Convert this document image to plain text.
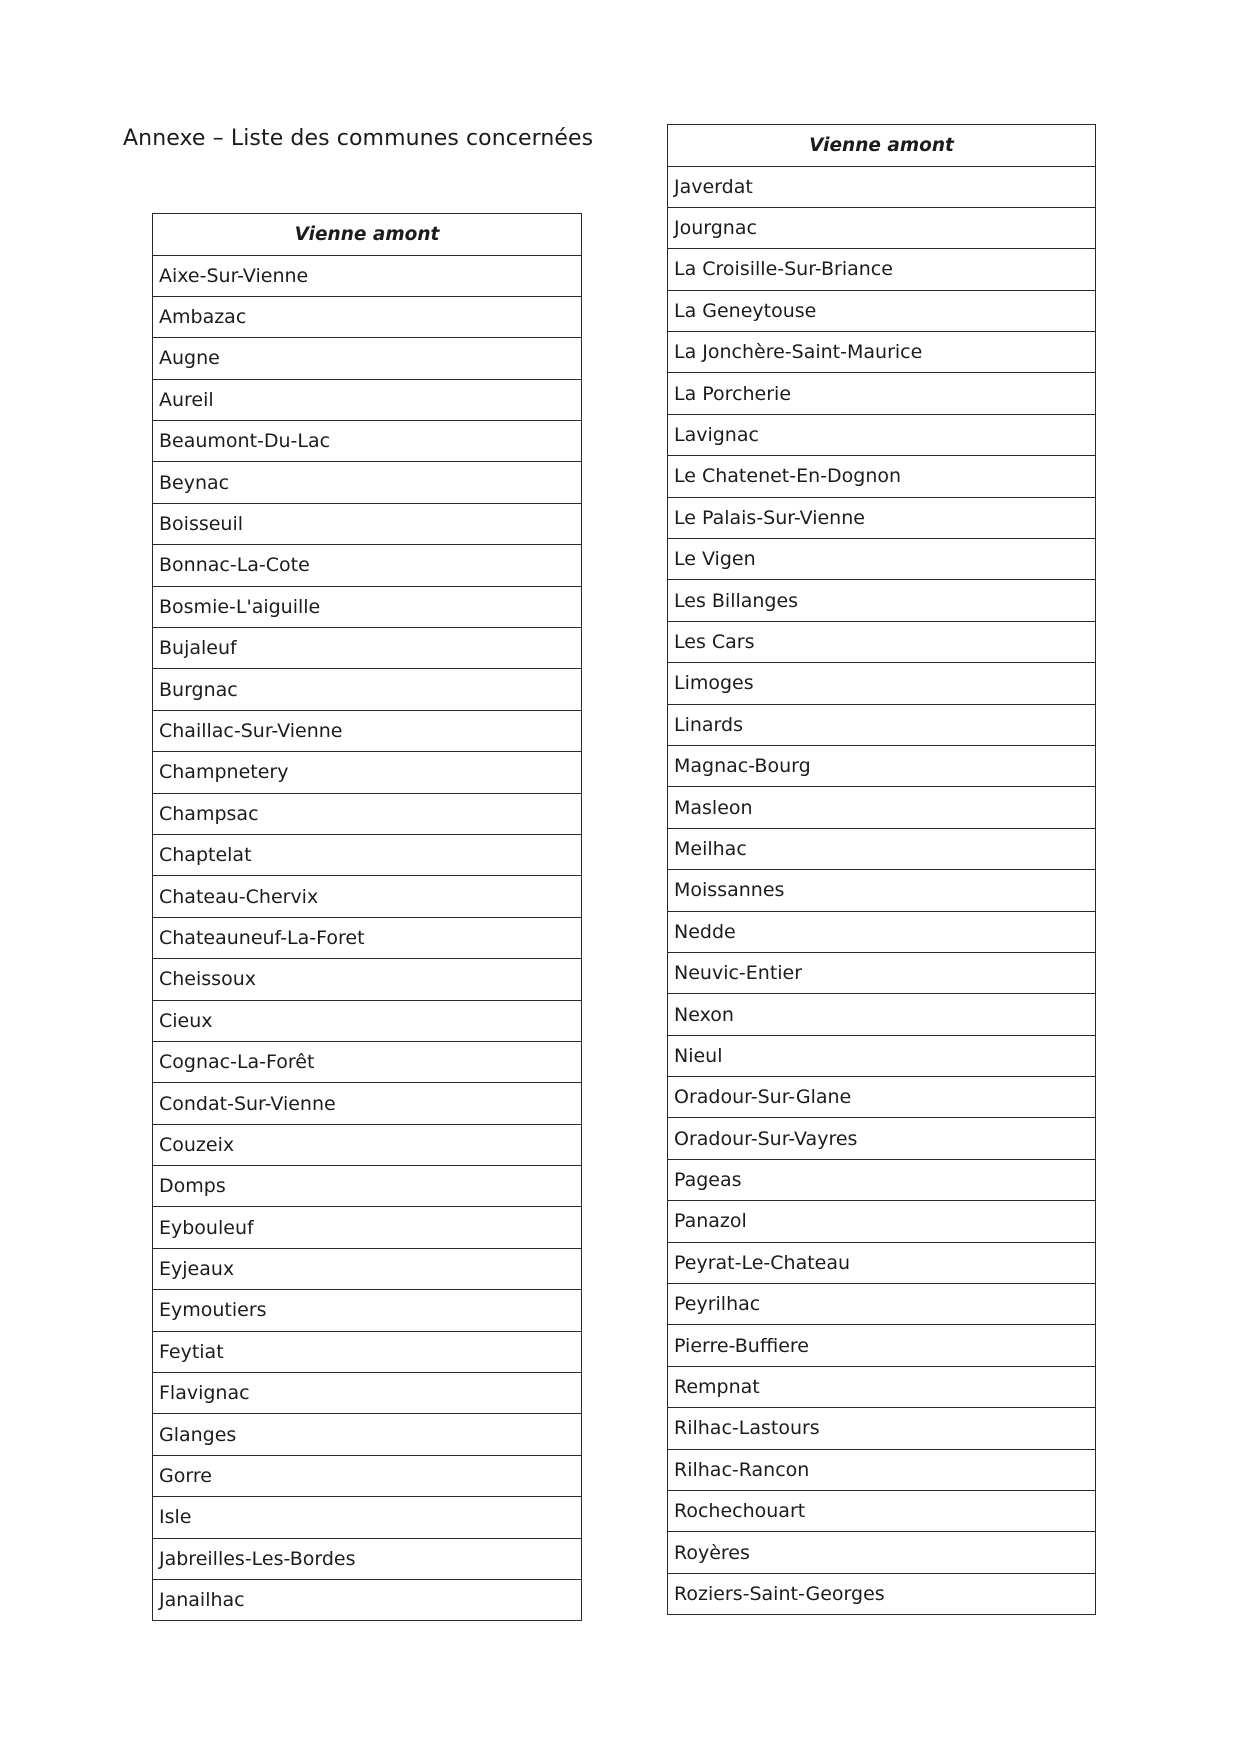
Annexe – Liste des communes concernées
Vienne amont
Aixe-Sur-Vienne
Ambazac
Augne
Aureil
Beaumont-Du-Lac
Beynac
Boisseuil
Bonnac-La-Cote
Bosmie-L'aiguille
Bujaleuf
Burgnac
Chaillac-Sur-Vienne
Champnetery
Champsac
Chaptelat
Chateau-Chervix
Chateauneuf-La-Foret
Cheissoux
Cieux
Cognac-La-Forêt
Condat-Sur-Vienne
Couzeix
Domps
Eybouleuf
Eyjeaux
Eymoutiers
Feytiat
Flavignac
Glanges
Gorre
Isle
Jabreilles-Les-Bordes
Janailhac
Vienne amont
Javerdat
Jourgnac
La Croisille-Sur-Briance
La Geneytouse
La Jonchère-Saint-Maurice
La Porcherie
Lavignac
Le Chatenet-En-Dognon
Le Palais-Sur-Vienne
Le Vigen
Les Billanges
Les Cars
Limoges
Linards
Magnac-Bourg
Masleon
Meilhac
Moissannes
Nedde
Neuvic-Entier
Nexon
Nieul
Oradour-Sur-Glane
Oradour-Sur-Vayres
Pageas
Panazol
Peyrat-Le-Chateau
Peyrilhac
Pierre-Buffiere
Rempnat
Rilhac-Lastours
Rilhac-Rancon
Rochechouart
Royères
Roziers-Saint-Georges
